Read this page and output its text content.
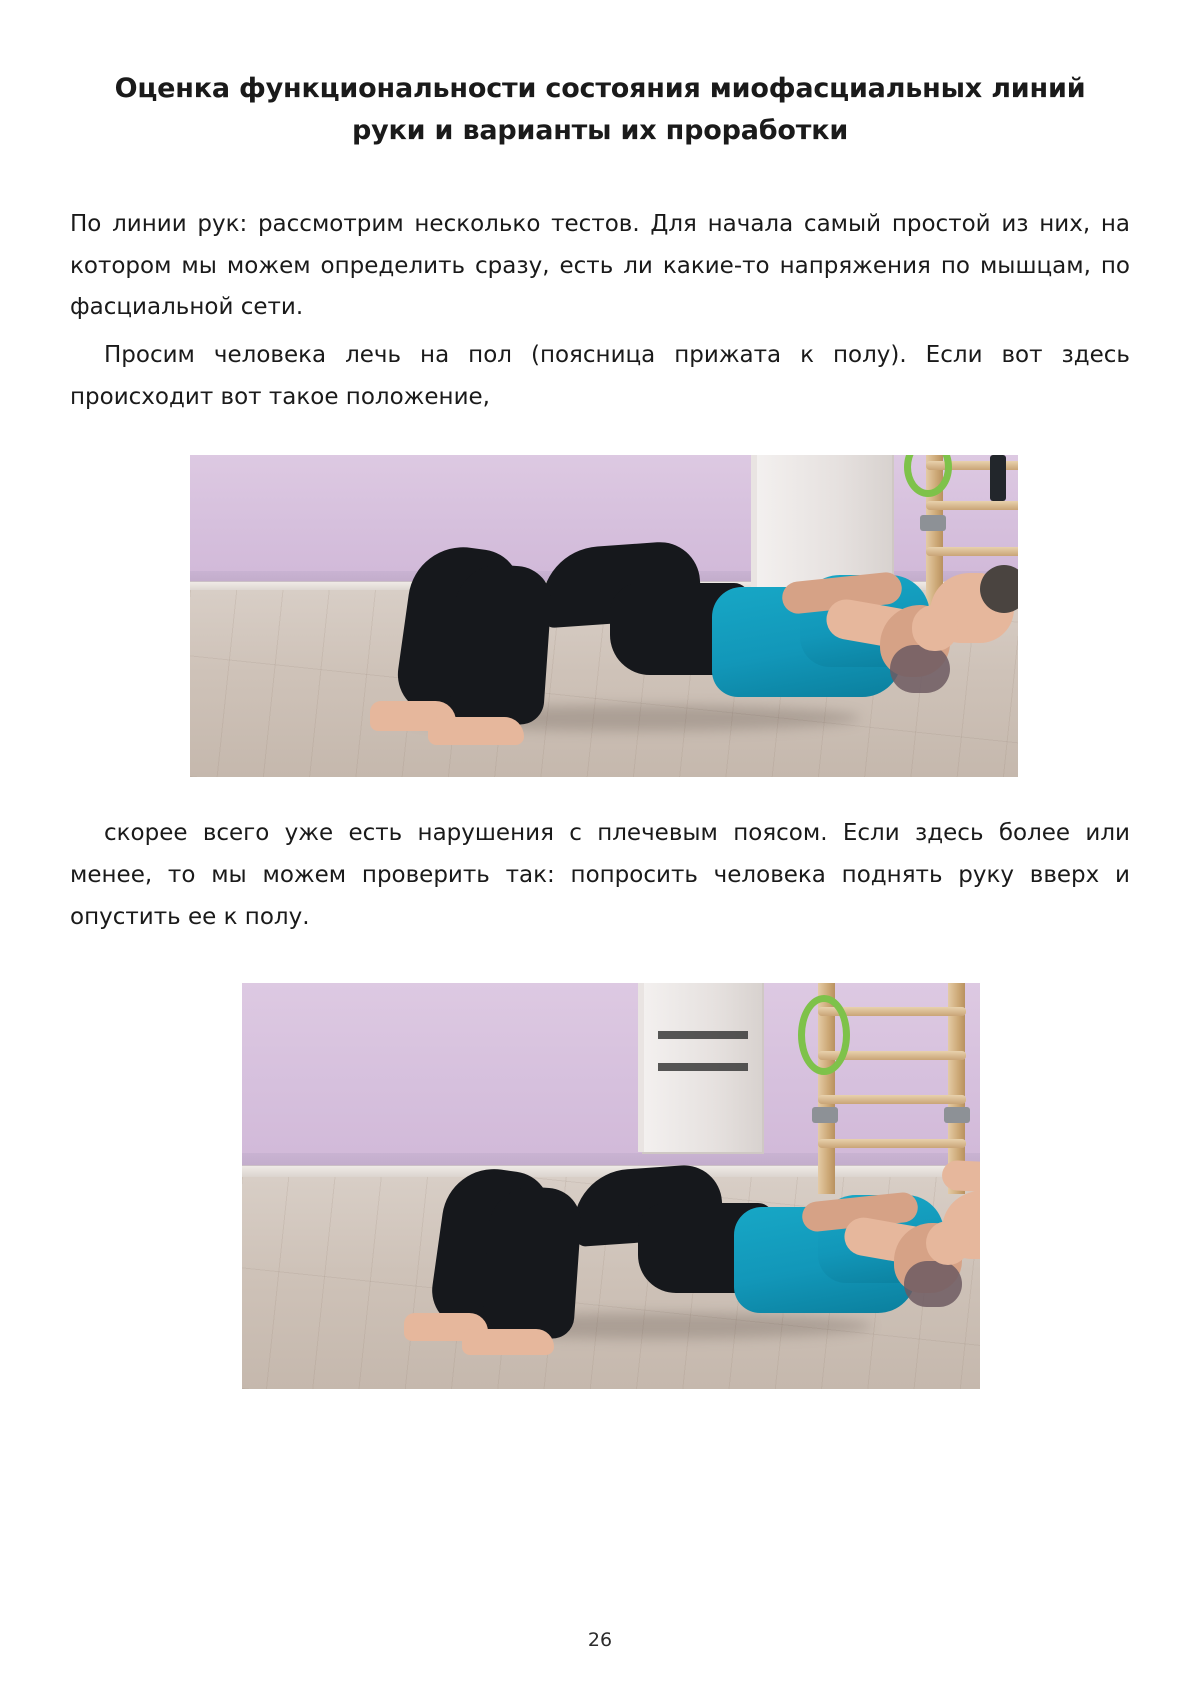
Оценка функциональности состояния миофасциальных линий руки и варианты их проработки

По линии рук: рассмотрим несколько тестов. Для начала самый простой из них, на котором мы можем определить сразу, есть ли какие-то напряжения по мышцам, по фасциальной сети.

Просим человека лечь на пол (поясница прижата к полу). Если вот здесь происходит вот такое положение,

скорее всего уже есть нарушения с плечевым поясом. Если здесь более или менее, то мы можем проверить так: попросить человека поднять руку вверх и опустить ее к полу.

26
